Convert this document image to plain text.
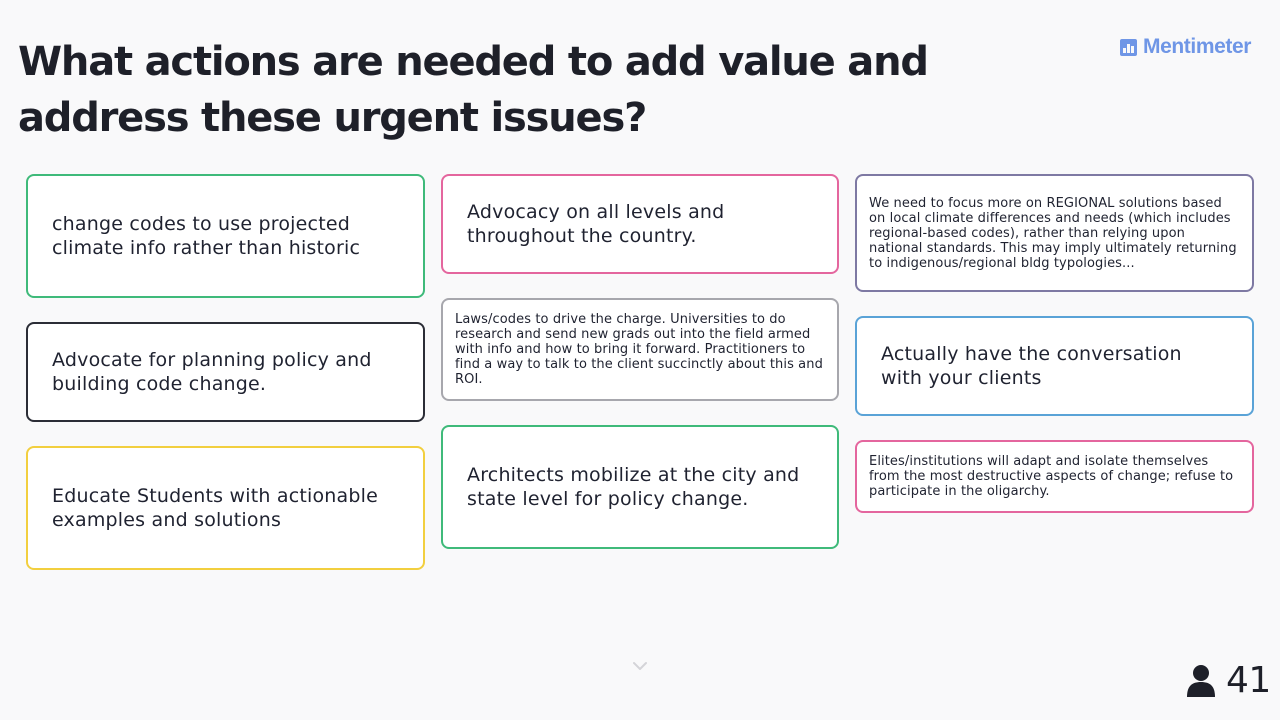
What actions are needed to add value and address these urgent issues?
Mentimeter
change codes to use projected climate info rather than historic
Advocate for planning policy and building code change.
Educate Students with actionable examples and solutions
Advocacy on all levels and throughout the country.
Laws/codes to drive the charge. Universities to do research and send new grads out into the field armed with info and how to bring it forward. Practitioners to find a way to talk to the client succinctly about this and ROI.
Architects mobilize at the city and state level for policy change.
We need to focus more on REGIONAL solutions based on local climate differences and needs (which includes regional-based codes), rather than relying upon national standards. This may imply ultimately returning to indigenous/regional bldg typologies...
Actually have the conversation with your clients
Elites/institutions will adapt and isolate themselves from the most destructive aspects of change; refuse to participate in the oligarchy.
41
